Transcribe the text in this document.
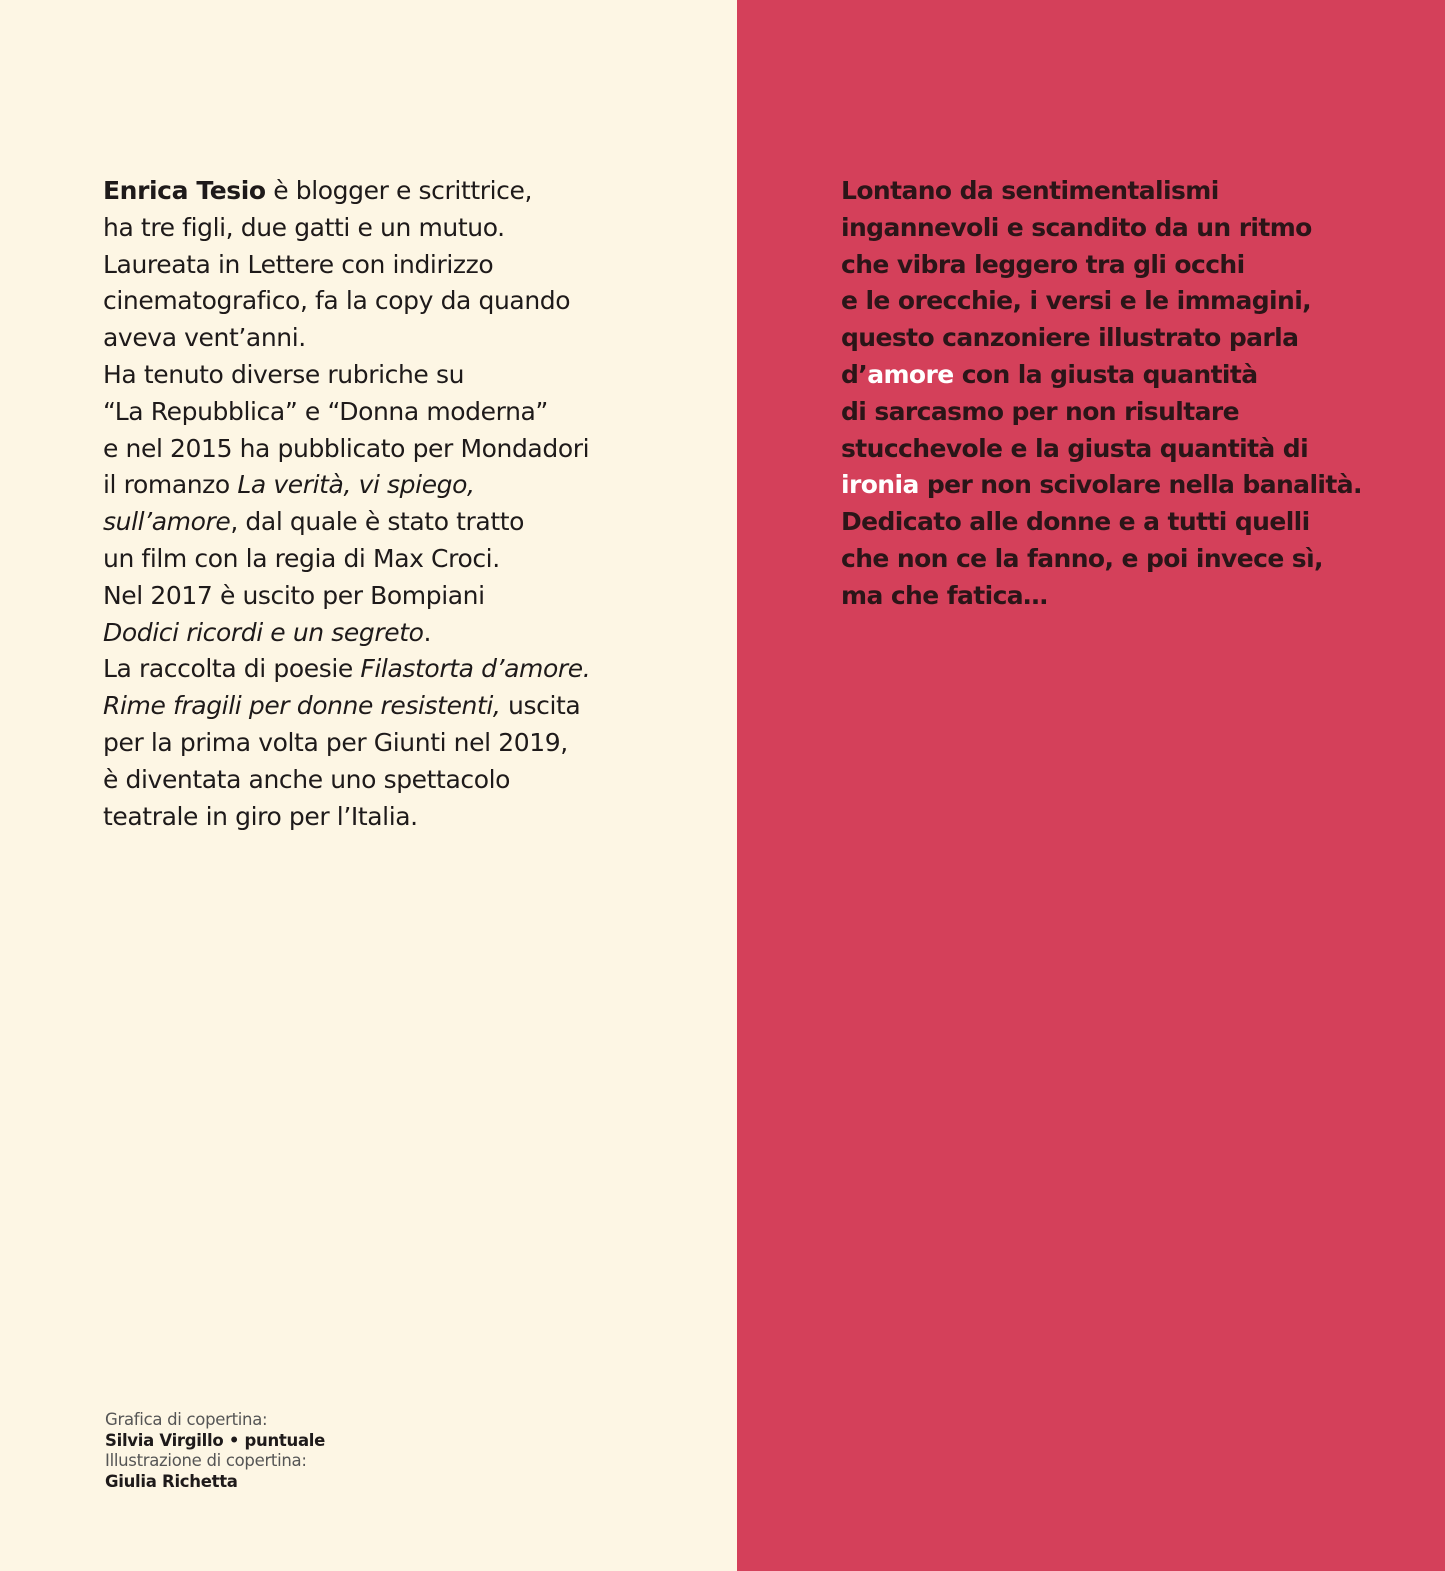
Enrica Tesio è blogger e scrittrice,
ha tre figli, due gatti e un mutuo.
Laureata in Lettere con indirizzo
cinematografico, fa la copy da quando
aveva vent’anni.
Ha tenuto diverse rubriche su
“La Repubblica” e “Donna moderna”
e nel 2015 ha pubblicato per Mondadori
il romanzo La verità, vi spiego,
sull’amore, dal quale è stato tratto
un film con la regia di Max Croci.
Nel 2017 è uscito per Bompiani
Dodici ricordi e un segreto.
La raccolta di poesie Filastorta d’amore.
Rime fragili per donne resistenti, uscita
per la prima volta per Giunti nel 2019,
è diventata anche uno spettacolo
teatrale in giro per l’Italia.
Grafica di copertina:
Silvia Virgillo • puntuale
Illustrazione di copertina:
Giulia Richetta
Lontano da sentimentalismi
ingannevoli e scandito da un ritmo
che vibra leggero tra gli occhi
e le orecchie, i versi e le immagini,
questo canzoniere illustrato parla
d’amore con la giusta quantità
di sarcasmo per non risultare
stucchevole e la giusta quantità di
ironia per non scivolare nella banalità.
Dedicato alle donne e a tutti quelli
che non ce la fanno, e poi invece sì,
ma che fatica…
